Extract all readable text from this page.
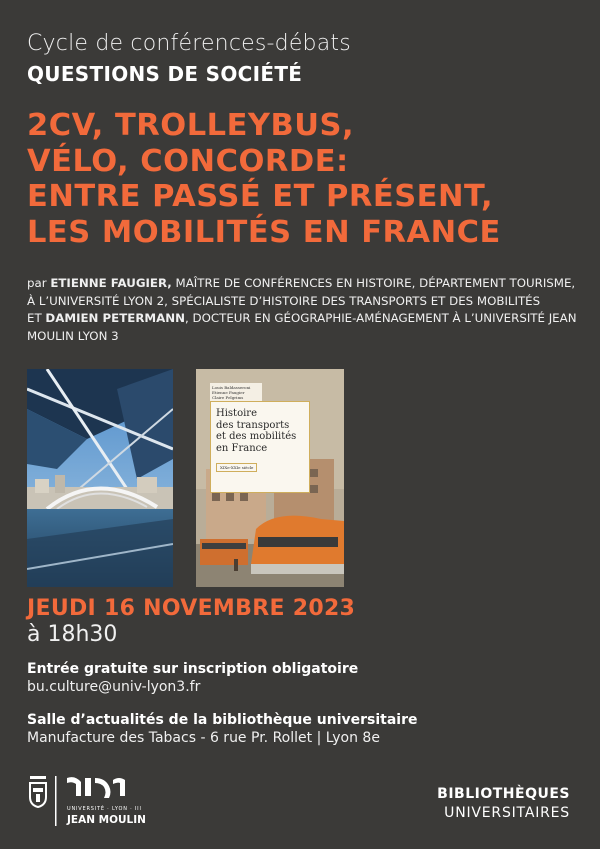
Cycle de conférences-débats
QUESTIONS DE SOCIÉTÉ
2CV, TROLLEYBUS,
VÉLO, CONCORDE:
ENTRE PASSÉ ET PRÉSENT,
LES MOBILITÉS EN FRANCE
par ETIENNE FAUGIER, MAÎTRE DE CONFÉRENCES EN HISTOIRE, DÉPARTEMENT TOURISME, À L’UNIVERSITÉ LYON 2, SPÉCIALISTE D’HISTOIRE DES TRANSPORTS ET DES MOBILITÉS
ET DAMIEN PETERMANN, DOCTEUR EN GÉOGRAPHIE-AMÉNAGEMENT À L’UNIVERSITÉ JEAN MOULIN LYON 3
Louis Baldasseroni
Etienne Faugier
Claire Pelgrims
Histoire
des transports
et des mobilités
en France
XIXe-XXIe siècle
JEUDI 16 NOVEMBRE 2023
à 18h30
Entrée gratuite sur inscription obligatoire
bu.culture@univ-lyon3.fr
Salle d’actualités de la bibliothèque universitaire
Manufacture des Tabacs - 6 rue Pr. Rollet | Lyon 8e
UNIVERSITÉ · LYON · III
JEAN MOULIN
BIBLIOTHÈQUES
UNIVERSITAIRES
